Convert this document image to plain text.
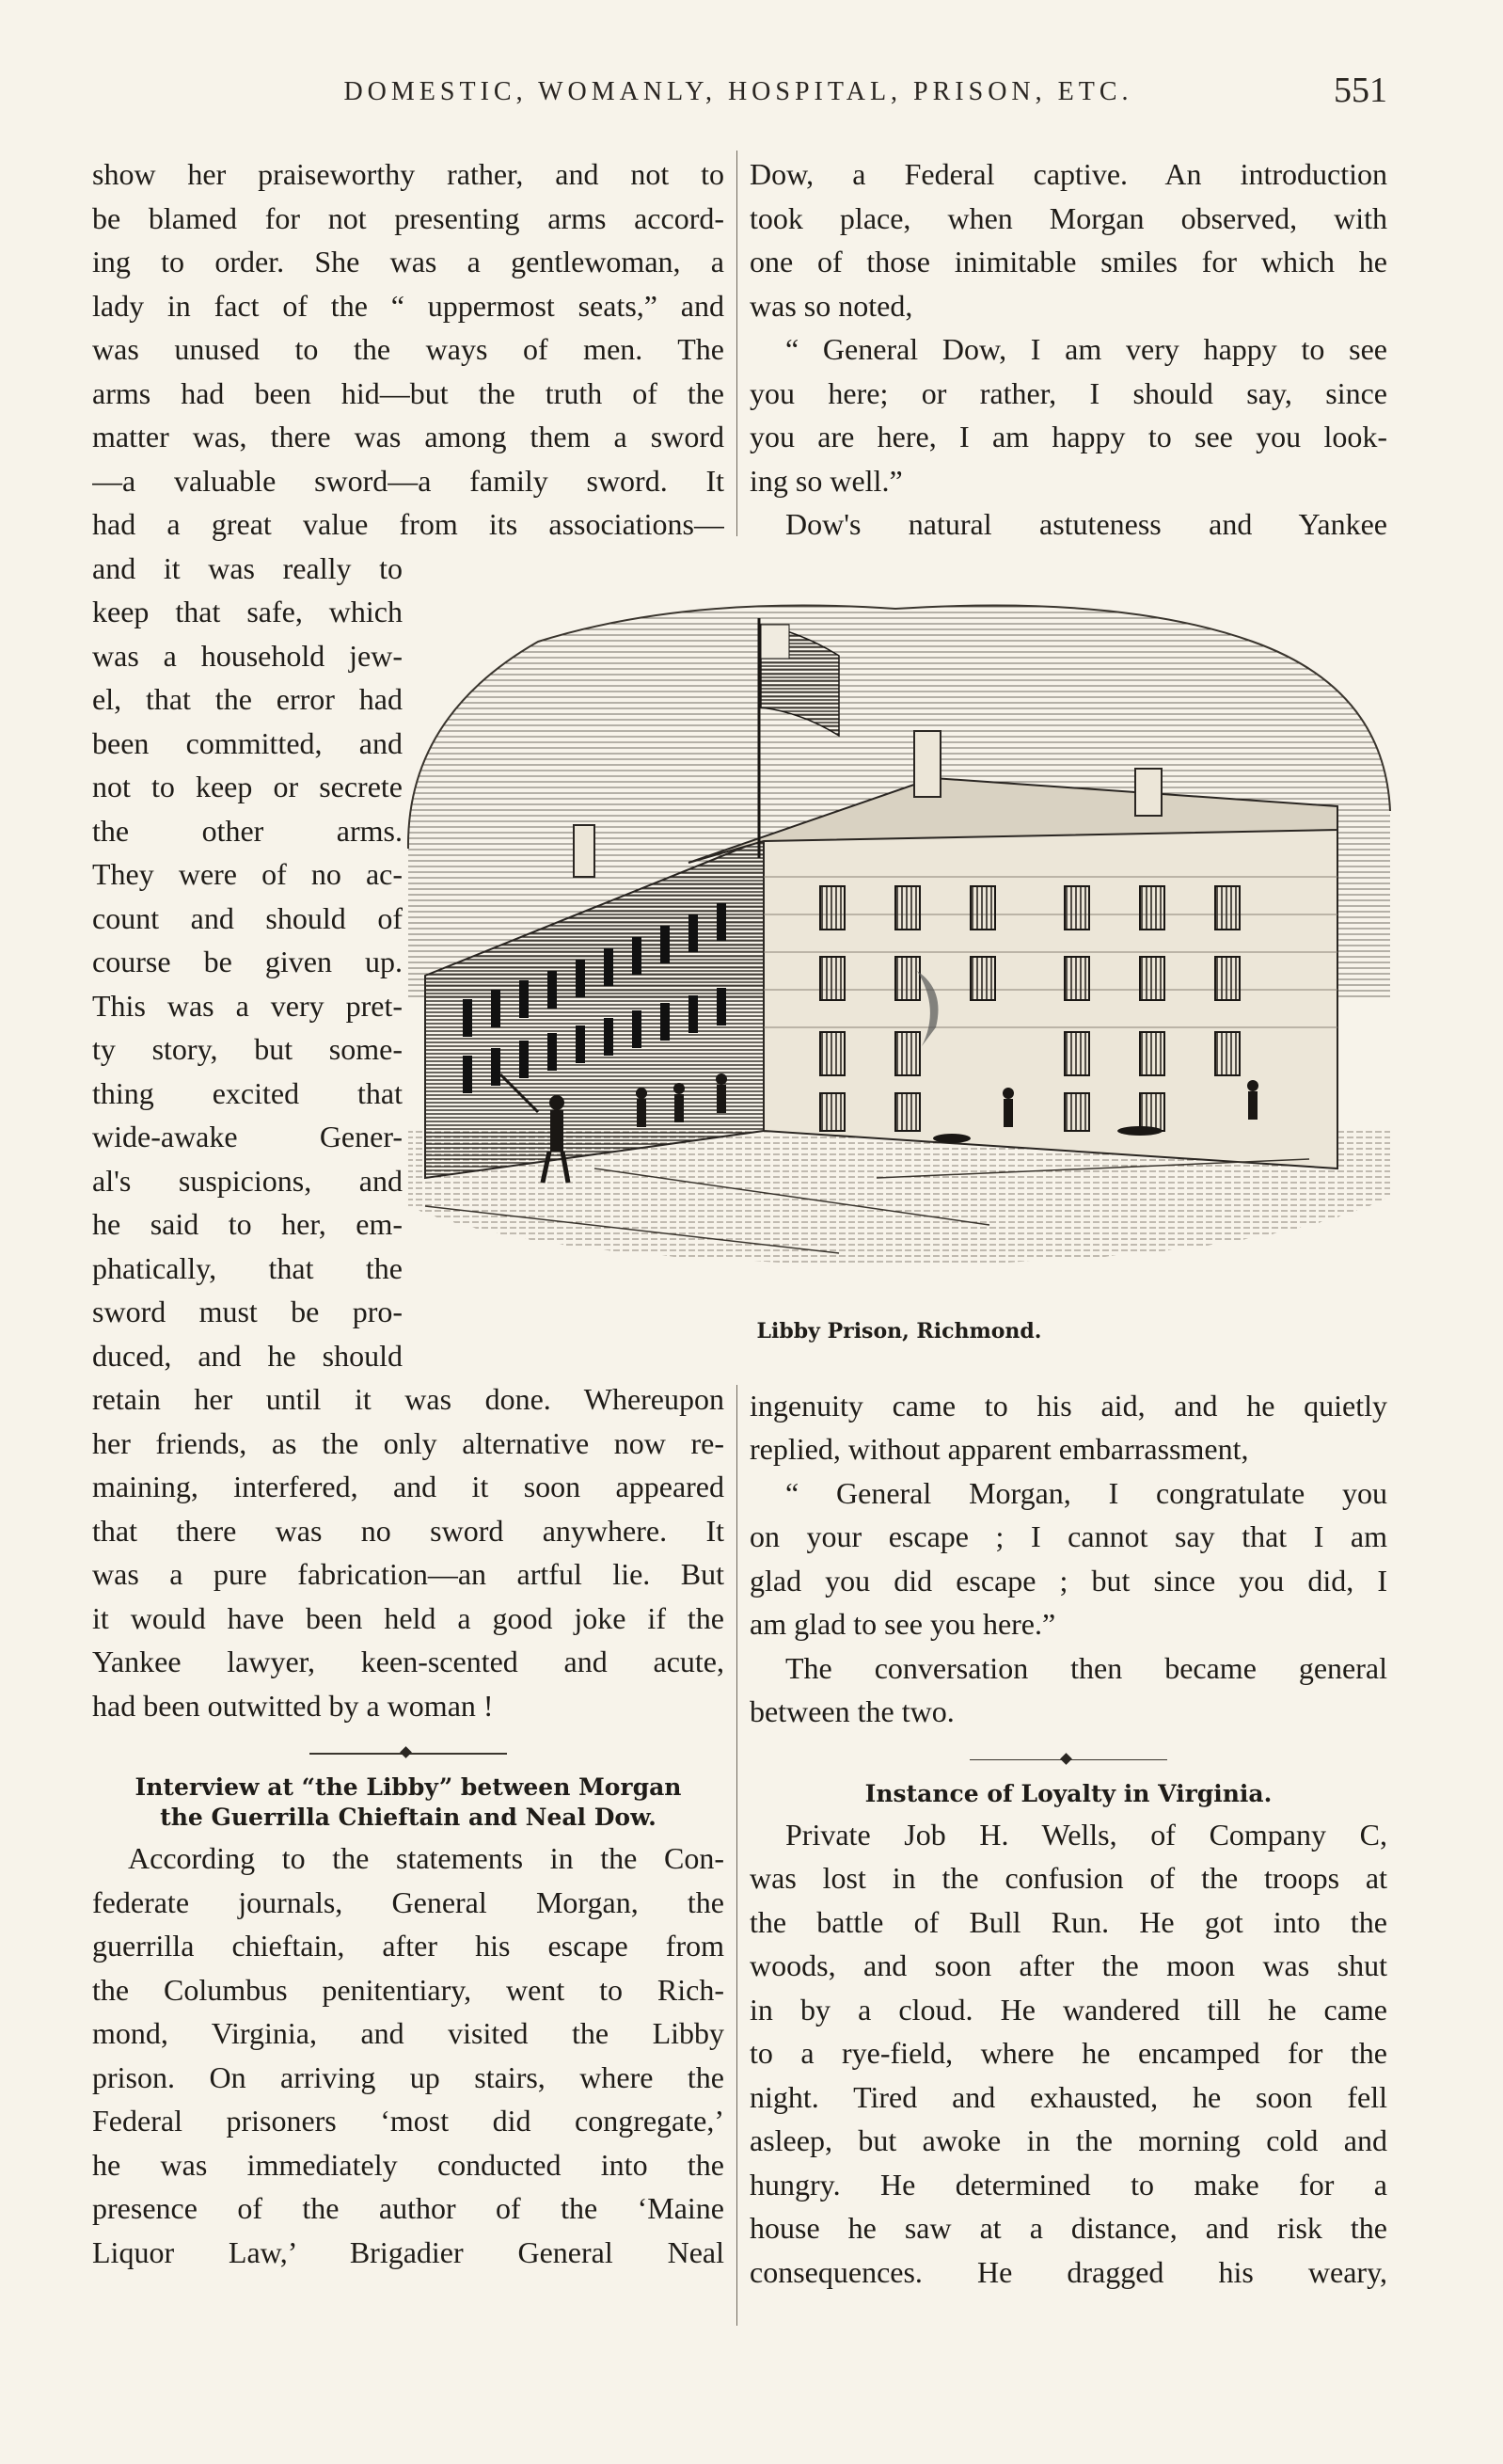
DOMESTIC, WOMANLY, HOSPITAL, PRISON, ETC.	551

show her praiseworthy rather, and not to

be blamed for not presenting arms accord-

ing to order. She was a gentlewoman, a

lady in fact of the “ uppermost seats,” and

was unused to the ways of men. The

arms had been hid—but the truth of the

matter was, there was among them a sword

—a valuable sword—a family sword. It

had a great value from its associations—

and it was really to

keep that safe, which

was a household jew-

el, that the error had

been committed, and

not to keep or secrete

the other arms.

They were of no ac-

count and should of

course be given up.

This was a very pret-

ty story, but some-

thing excited that

wide-awake Gener-

al's suspicions, and

he said to her, em-

phatically, that the

sword must be pro-

duced, and he should

retain her until it was done. Whereupon

her friends, as the only alternative now re-

maining, interfered, and it soon appeared

that there was no sword anywhere. It

was a pure fabrication—an artful lie. But

it would have been held a good joke if the

Yankee lawyer, keen-scented and acute,

had been outwitted by a woman !

Interview at “the Libby” between Morgan
the Guerrilla Chieftain and Neal Dow.

According to the statements in the Con-

federate journals, General Morgan, the

guerrilla chieftain, after his escape from

the Columbus penitentiary, went to Rich-

mond, Virginia, and visited the Libby

prison. On arriving up stairs, where the

Federal prisoners ‘most did congregate,’

he was immediately conducted into the

presence of the author of the ‘Maine

Liquor Law,’ Brigadier General Neal

Dow, a Federal captive. An introduction

took place, when Morgan observed, with

one of those inimitable smiles for which he

was so noted,

“ General Dow, I am very happy to see

you here; or rather, I should say, since

you are here, I am happy to see you look-

ing so well.”

Dow's natural astuteness and Yankee

ingenuity came to his aid, and he quietly

replied, without apparent embarrassment,

“ General Morgan, I congratulate you

on your escape ; I cannot say that I am

glad you did escape ; but since you did, I

am glad to see you here.”

The conversation then became general

between the two.

Instance of Loyalty in Virginia.

Private Job H. Wells, of Company C,

was lost in the confusion of the troops at

the battle of Bull Run. He got into the

woods, and soon after the moon was shut

in by a cloud. He wandered till he came

to a rye-field, where he encamped for the

night. Tired and exhausted, he soon fell

asleep, but awoke in the morning cold and

hungry. He determined to make for a

house he saw at a distance, and risk the

consequences. He dragged his weary,

Libby Prison, Richmond.
